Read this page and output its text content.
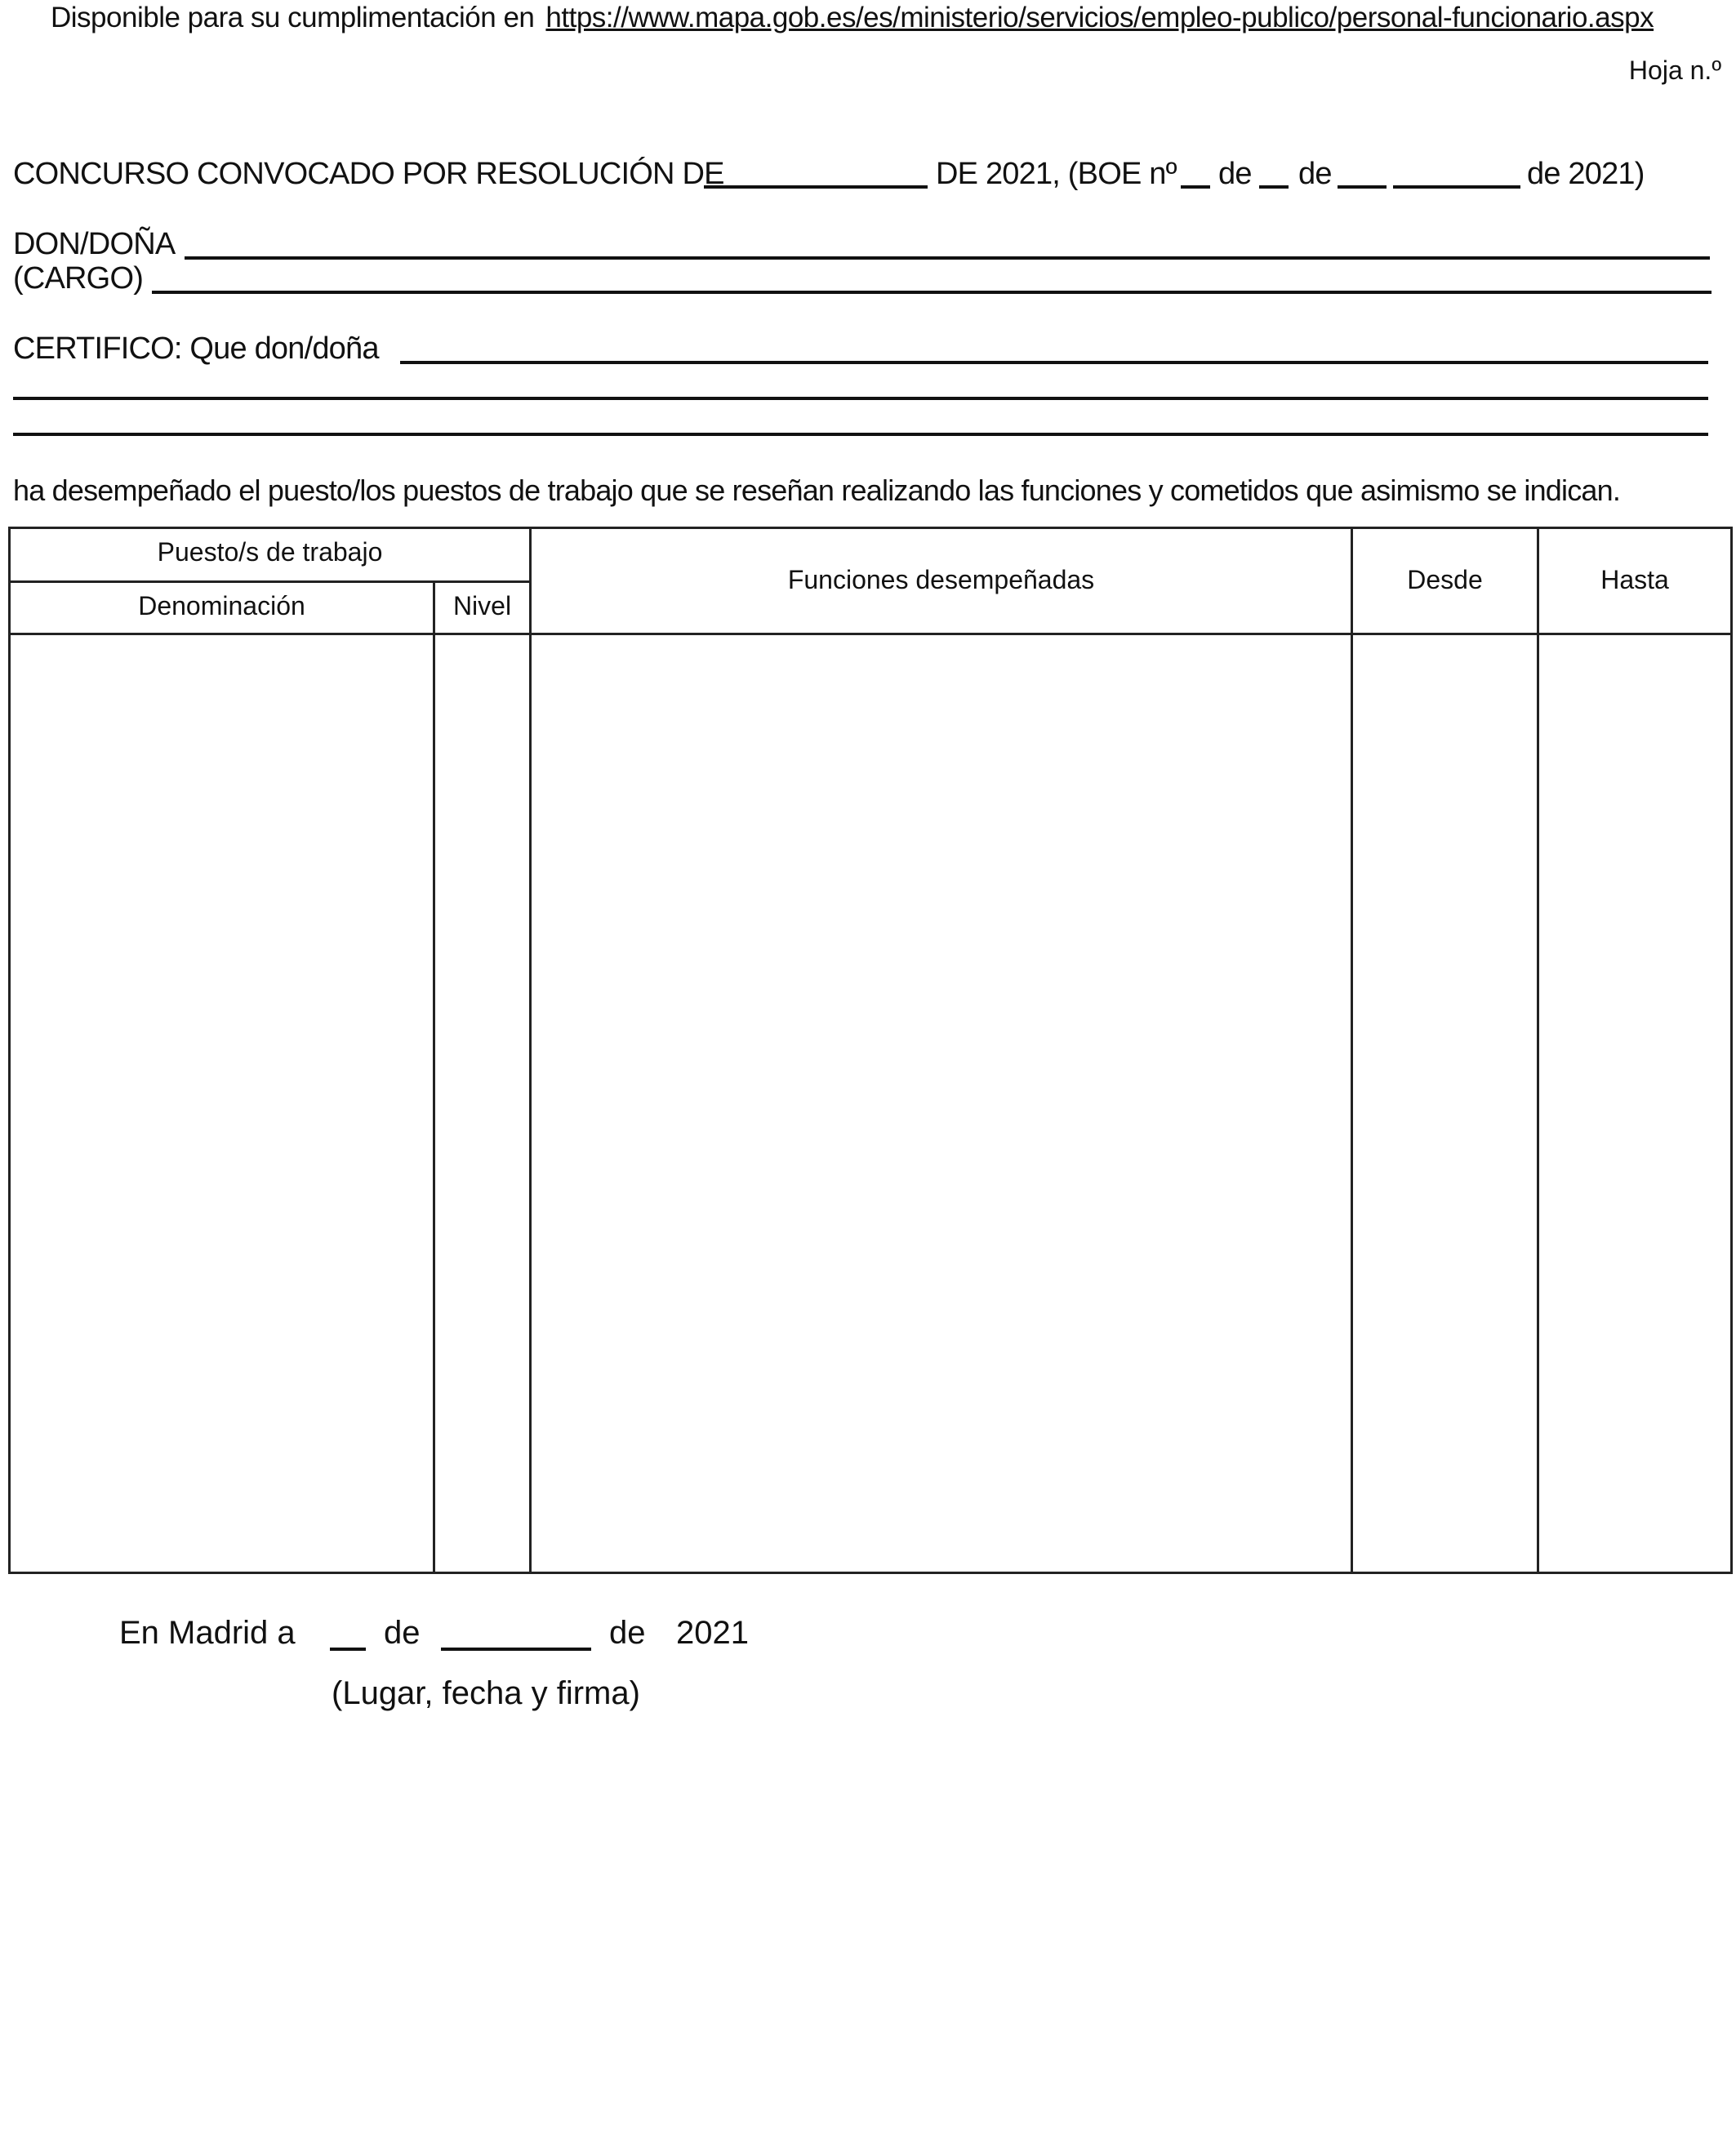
Disponible para su cumplimentación en https://www.mapa.gob.es/es/ministerio/servicios/empleo-publico/personal-funcionario.aspx
Hoja n.º
CONCURSO CONVOCADO POR RESOLUCIÓN DE	DE 2021, (BOE nº de de	de 2021)
DON/DOÑA
(CARGO)
CERTIFICO: Que don/doña
ha desempeñado el puesto/los puestos de trabajo que se reseñan realizando las funciones y cometidos que asimismo se indican.
Puesto/s de trabajo
Denominación	Nivel
Funciones desempeñadas	Desde	Hasta
En Madrid a	de	de 2021
(Lugar, fecha y firma)
